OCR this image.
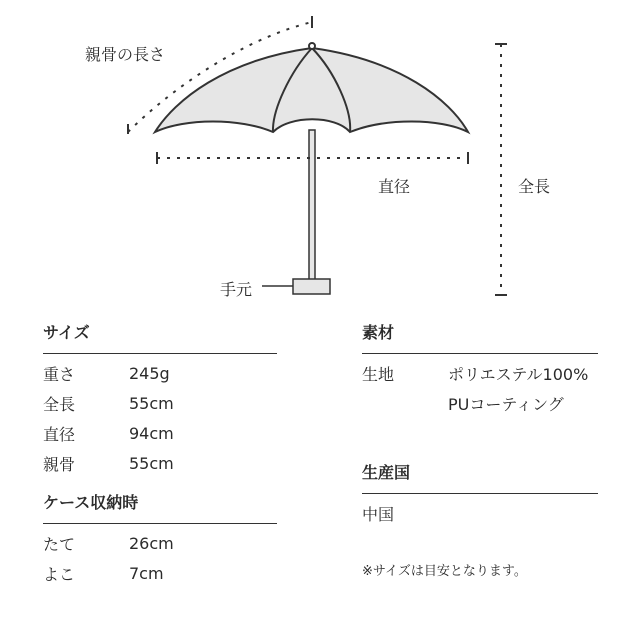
親骨の長さ
直径	全長
手元
サイズ
重さ	245g
全長	55cm
直径	94cm
親骨	55cm
ケース収納時
たて	26cm
よこ	7cm
素材
生地	ポリエステル100%
PUコーティング
生産国
中国
※サイズは目安となります。
